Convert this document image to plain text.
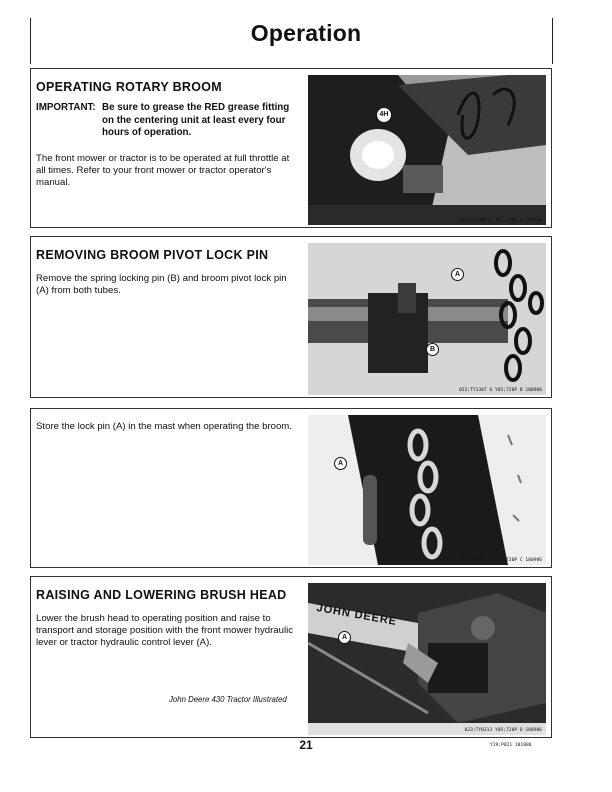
Operation
OPERATING ROTARY BROOM
IMPORTANT: Be sure to grease the RED grease fitting on the centering unit at least every four hours of operation.
The front mower or tractor is to be operated at full throttle at all times. Refer to your front mower or tractor operator's manual.
4H
023;TY1398 2 Y05;720P A 180986
REMOVING BROOM PIVOT LOCK PIN
Remove the spring locking pin (B) and broom pivot lock pin (A) from both tubes.
A
B
023;TY1387 6 Y05;720P B 180986
Store the lock pin (A) in the mast when operating the broom.
A
023;TY1387 7 Y05;720P C 180986
RAISING AND LOWERING BRUSH HEAD
Lower the brush head to operating position and raise to transport and storage position with the front mower hydraulic lever or tractor hydraulic control lever (A).
John Deere 430 Tractor Illustrated
JOHN DEERE
A
023;TY8313 Y05;720P D 180986
21	Y19;P021 101086
